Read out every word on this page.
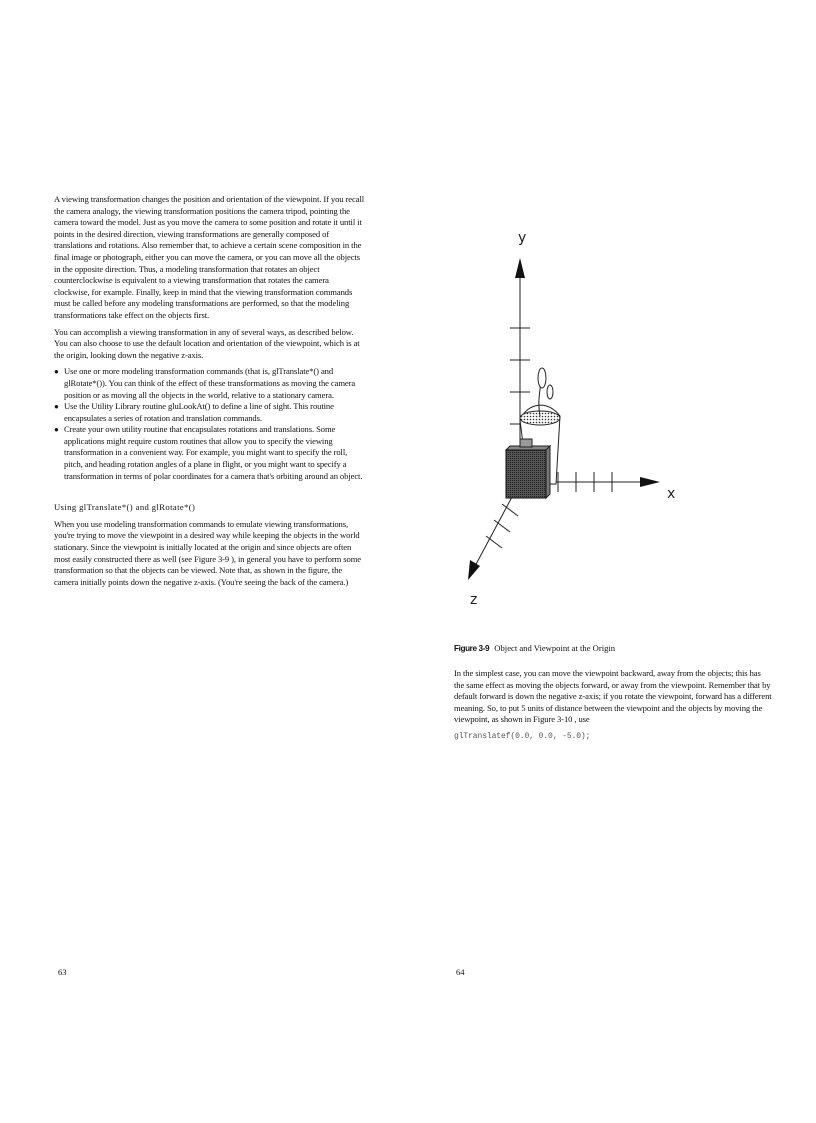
A viewing transformation changes the position and orientation of the viewpoint. If you recall the camera analogy, the viewing transformation positions the camera tripod, pointing the camera toward the model. Just as you move the camera to some position and rotate it until it points in the desired direction, viewing transformations are generally composed of translations and rotations. Also remember that, to achieve a certain scene composition in the final image or photograph, either you can move the camera, or you can move all the objects in the opposite direction. Thus, a modeling transformation that rotates an object counterclockwise is equivalent to a viewing transformation that rotates the camera clockwise, for example. Finally, keep in mind that the viewing transformation commands must be called before any modeling transformations are performed, so that the modeling transformations take effect on the objects first.

You can accomplish a viewing transformation in any of several ways, as described below. You can also choose to use the default location and orientation of the viewpoint, which is at the origin, looking down the negative z-axis.

● Use one or more modeling transformation commands (that is, glTranslate*() and glRotate*()). You can think of the effect of these transformations as moving the camera position or as moving all the objects in the world, relative to a stationary camera.
● Use the Utility Library routine gluLookAt() to define a line of sight. This routine encapsulates a series of rotation and translation commands.
● Create your own utility routine that encapsulates rotations and translations. Some applications might require custom routines that allow you to specify the viewing transformation in a convenient way. For example, you might want to specify the roll, pitch, and heading rotation angles of a plane in flight, or you might want to specify a transformation in terms of polar coordinates for a camera that's orbiting around an object.

Using glTranslate*() and glRotate*()

When you use modeling transformation commands to emulate viewing transformations, you're trying to move the viewpoint in a desired way while keeping the objects in the world stationary. Since the viewpoint is initially located at the origin and since objects are often most easily constructed there as well (see Figure 3-9 ), in general you have to perform some transformation so that the objects can be viewed. Note that, as shown in the figure, the camera initially points down the negative z-axis. (You're seeing the back of the camera.)

63
y
x
z
Figure 3-9 Object and Viewpoint at the Origin

In the simplest case, you can move the viewpoint backward, away from the objects; this has the same effect as moving the objects forward, or away from the viewpoint. Remember that by default forward is down the negative z-axis; if you rotate the viewpoint, forward has a different meaning. So, to put 5 units of distance between the viewpoint and the objects by moving the viewpoint, as shown in Figure 3-10 , use

glTranslatef(0.0, 0.0, -5.0);
64
